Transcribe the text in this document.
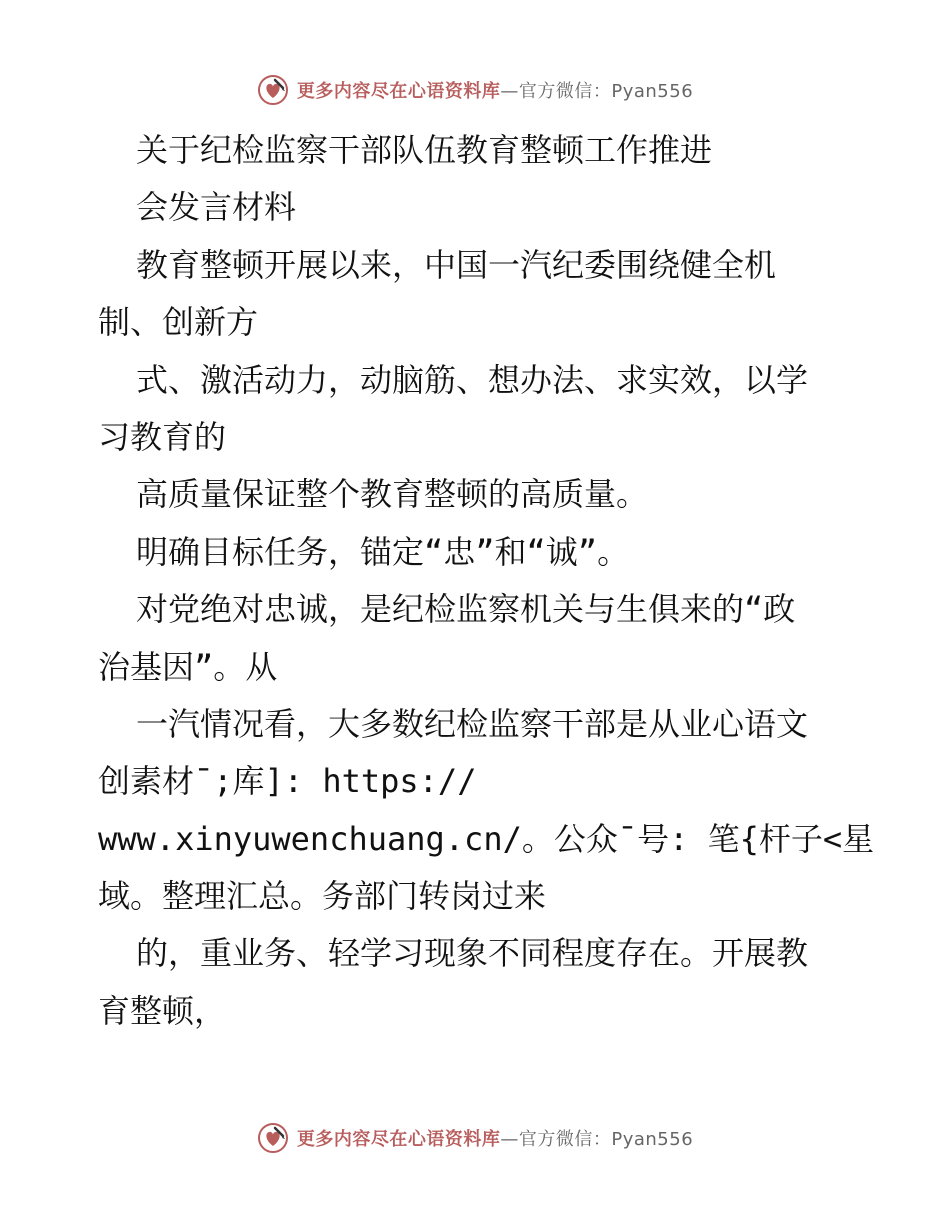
更多内容尽在心语资料库 —官方微信：Pyan556
关于纪检监察干部队伍教育整顿工作推进
会发言材料
教育整顿开展以来，中国一汽纪委围绕健全机
制、创新方
式、激活动力，动脑筋、想办法、求实效，以学
习教育的
高质量保证整个教育整顿的高质量。
明确目标任务，锚定“忠”和“诚”。
对党绝对忠诚，是纪检监察机关与生俱来的“政
治基因”。从
一汽情况看，大多数纪检监察干部是从业心语文
创素材¯;库]: https://
www.xinyuwenchuang.cn/。公众¯号: 笔{杆子<星
域。整理汇总。务部门转岗过来
的，重业务、轻学习现象不同程度存在。开展教
育整顿，
更多内容尽在心语资料库 —官方微信：Pyan556
